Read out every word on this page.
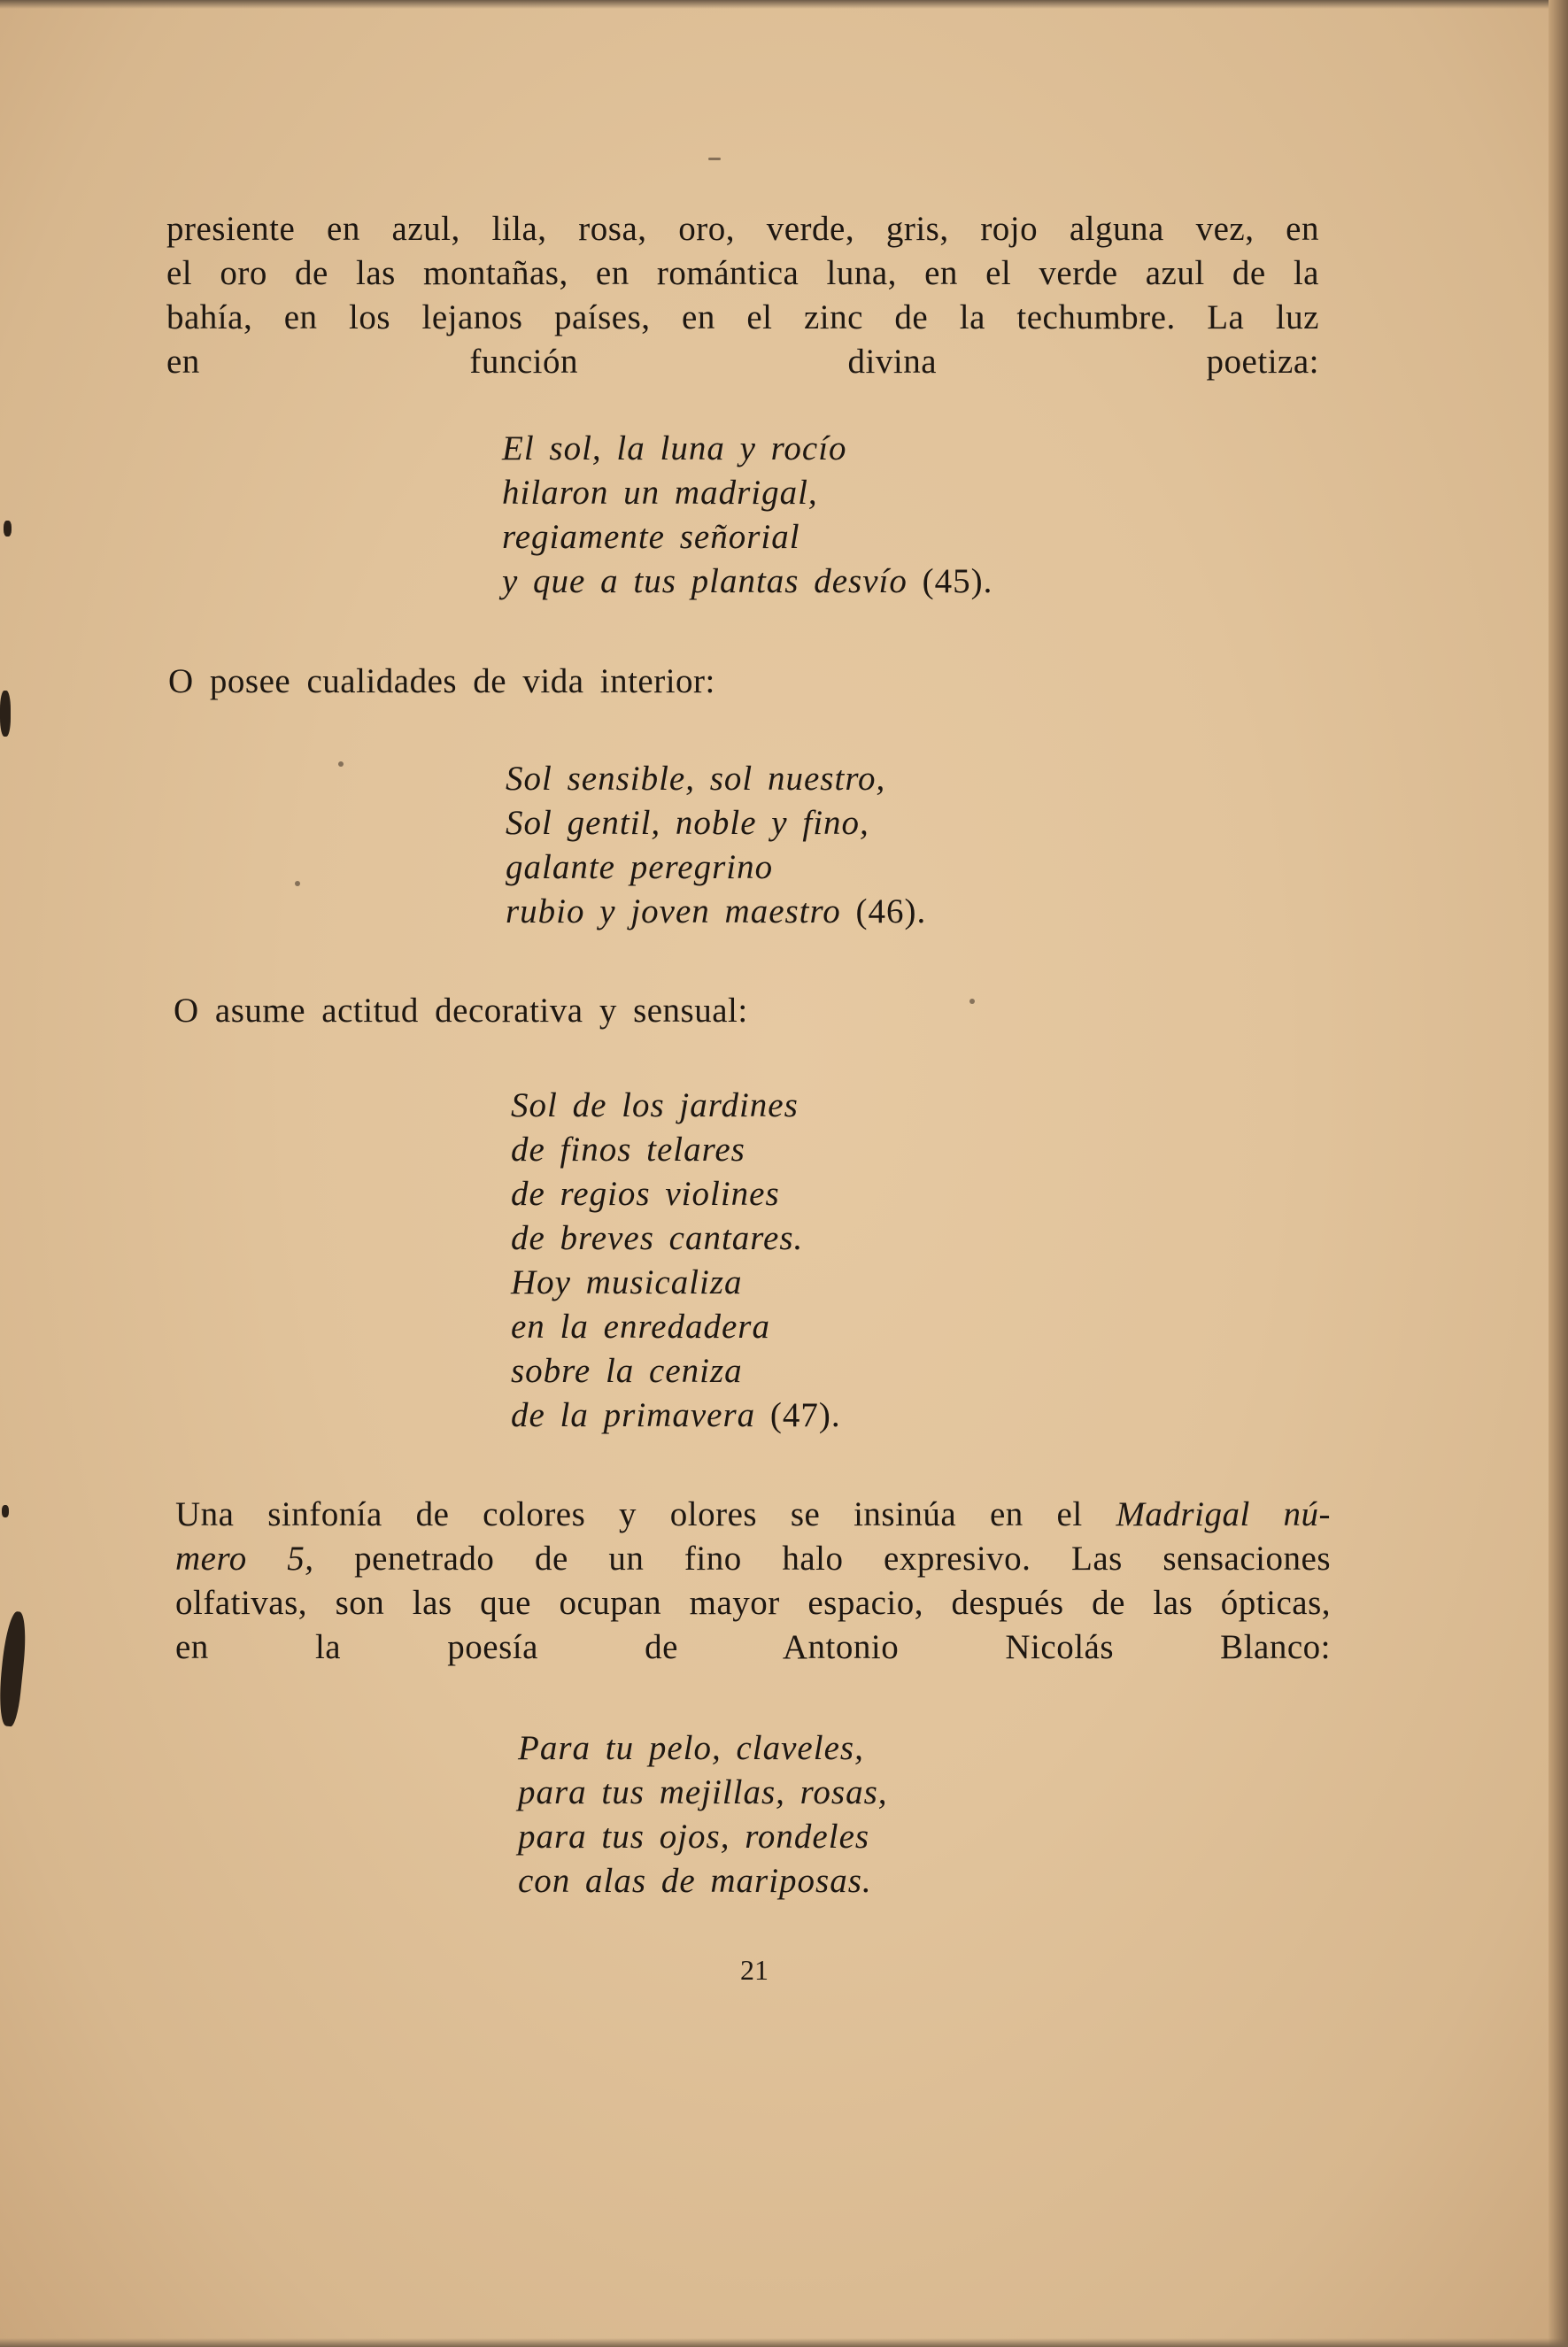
presiente en azul, lila, rosa, oro, verde, gris, rojo alguna vez, en
el oro de las montañas, en romántica luna, en el verde azul de la
bahía, en los lejanos países, en el zinc de la techumbre. La luz
en función divina poetiza:
El sol, la luna y rocío
hilaron un madrigal,
regiamente señorial
y que a tus plantas desvío (45).

O posee cualidades de vida interior:

Sol sensible, sol nuestro,
Sol gentil, noble y fino,
galante peregrino
rubio y joven maestro (46).

O asume actitud decorativa y sensual:

Sol de los jardines
de finos telares
de regios violines
de breves cantares.
Hoy musicaliza
en la enredadera
sobre la ceniza
de la primavera (47).
Una sinfonía de colores y olores se insinúa en el Madrigal nú-
mero 5, penetrado de un fino halo expresivo. Las sensaciones
olfativas, son las que ocupan mayor espacio, después de las ópticas,
en la poesía de Antonio Nicolás Blanco:
Para tu pelo, claveles,
para tus mejillas, rosas,
para tus ojos, rondeles
con alas de mariposas.
21
